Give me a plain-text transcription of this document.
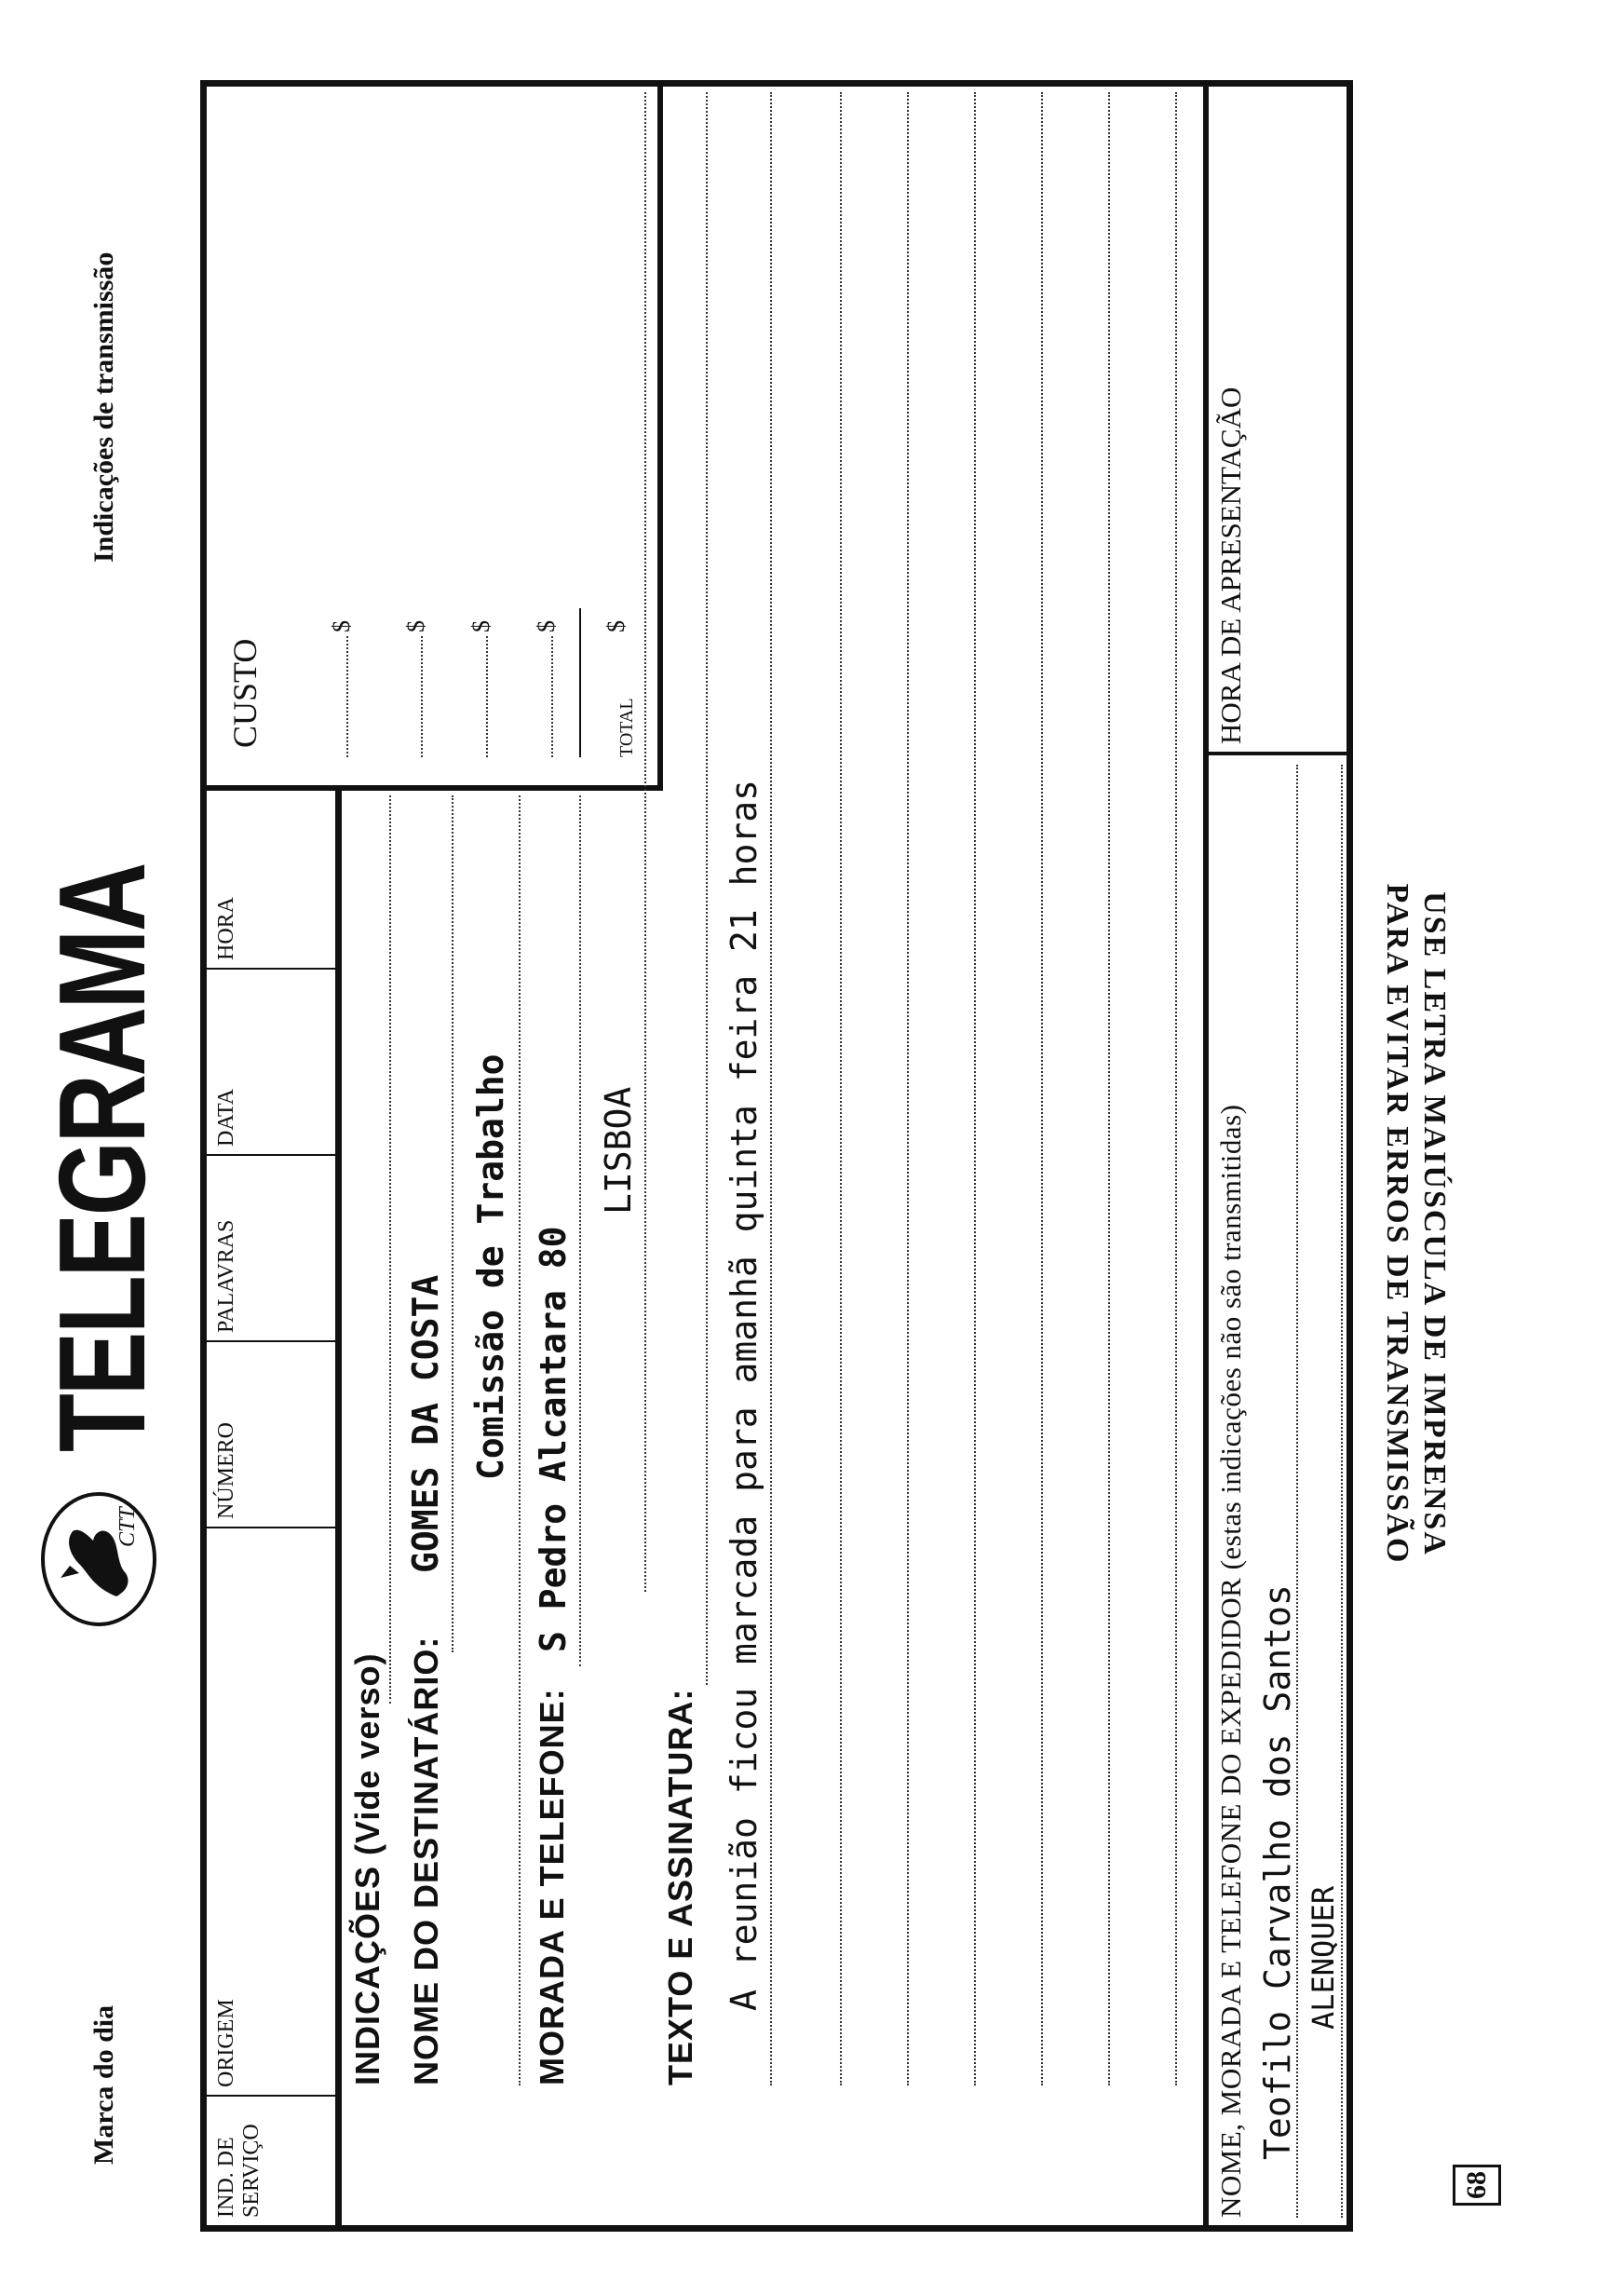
Marca do dia
CTT
TELEGRAMA
Indicações de transmissão
IND. DE SERVIÇO
ORIGEM
NÚMERO
PALAVRAS
DATA
HORA
CUSTO
$ $ $ $
TOTAL
$
INDICAÇÕES (Vide verso) NOME DO DESTINATÁRIO:
GOMES DA COSTA Comissão de Trabalho
MORADA E TELEFONE:
S Pedro Alcantara 80
LISBOA
TEXTO E ASSINATURA: A reunião ficou marcada para amanhã quinta feira 21 horas	NOME, MORADA E TELEFONE DO EXPEDIDOR (estas indicações não são transmitidas) Teofilo Carvalho dos Santos ALENQUER
HORA DE APRESENTAÇÃO
USE LETRA MAIÚSCULA DE IMPRENSA
PARA EVITAR ERROS DE TRANSMISSÃO
68
